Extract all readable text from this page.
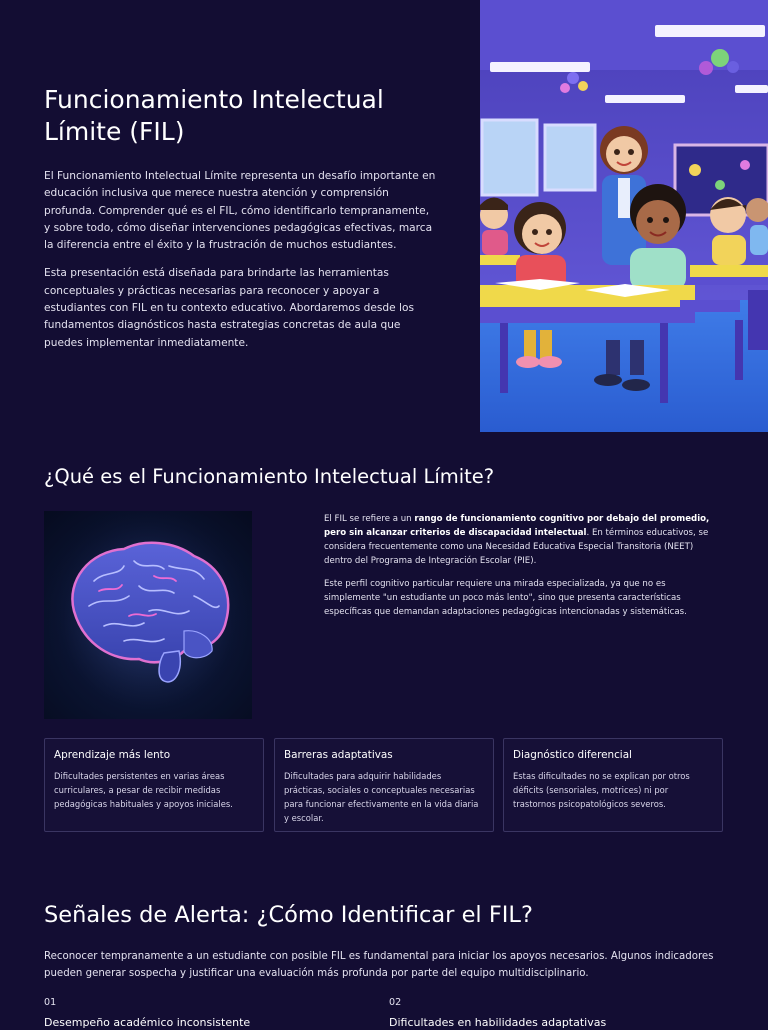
Funcionamiento Intelectual Límite (FIL)

El Funcionamiento Intelectual Límite representa un desafío importante en educación inclusiva que merece nuestra atención y comprensión profunda. Comprender qué es el FIL, cómo identificarlo tempranamente, y sobre todo, cómo diseñar intervenciones pedagógicas efectivas, marca la diferencia entre el éxito y la frustración de muchos estudiantes.

Esta presentación está diseñada para brindarte las herramientas conceptuales y prácticas necesarias para reconocer y apoyar a estudiantes con FIL en tu contexto educativo. Abordaremos desde los fundamentos diagnósticos hasta estrategias concretas de aula que puedes implementar inmediatamente.

¿Qué es el Funcionamiento Intelectual Límite?

El FIL se refiere a un rango de funcionamiento cognitivo por debajo del promedio, pero sin alcanzar criterios de discapacidad intelectual. En términos educativos, se considera frecuentemente como una Necesidad Educativa Especial Transitoria (NEET) dentro del Programa de Integración Escolar (PIE).

Este perfil cognitivo particular requiere una mirada especializada, ya que no es simplemente "un estudiante un poco más lento", sino que presenta características específicas que demandan adaptaciones pedagógicas intencionadas y sistemáticas.

Aprendizaje más lento

Dificultades persistentes en varias áreas curriculares, a pesar de recibir medidas pedagógicas habituales y apoyos iniciales.

Barreras adaptativas

Dificultades para adquirir habilidades prácticas, sociales o conceptuales necesarias para funcionar efectivamente en la vida diaria y escolar.

Diagnóstico diferencial

Estas dificultades no se explican por otros déficits (sensoriales, motrices) ni por trastornos psicopatológicos severos.

Señales de Alerta: ¿Cómo Identificar el FIL?

Reconocer tempranamente a un estudiante con posible FIL es fundamental para iniciar los apoyos necesarios. Algunos indicadores pueden generar sospecha y justificar una evaluación más profunda por parte del equipo multidisciplinario.

01
Desempeño académico inconsistente
02
Dificultades en habilidades adaptativas
